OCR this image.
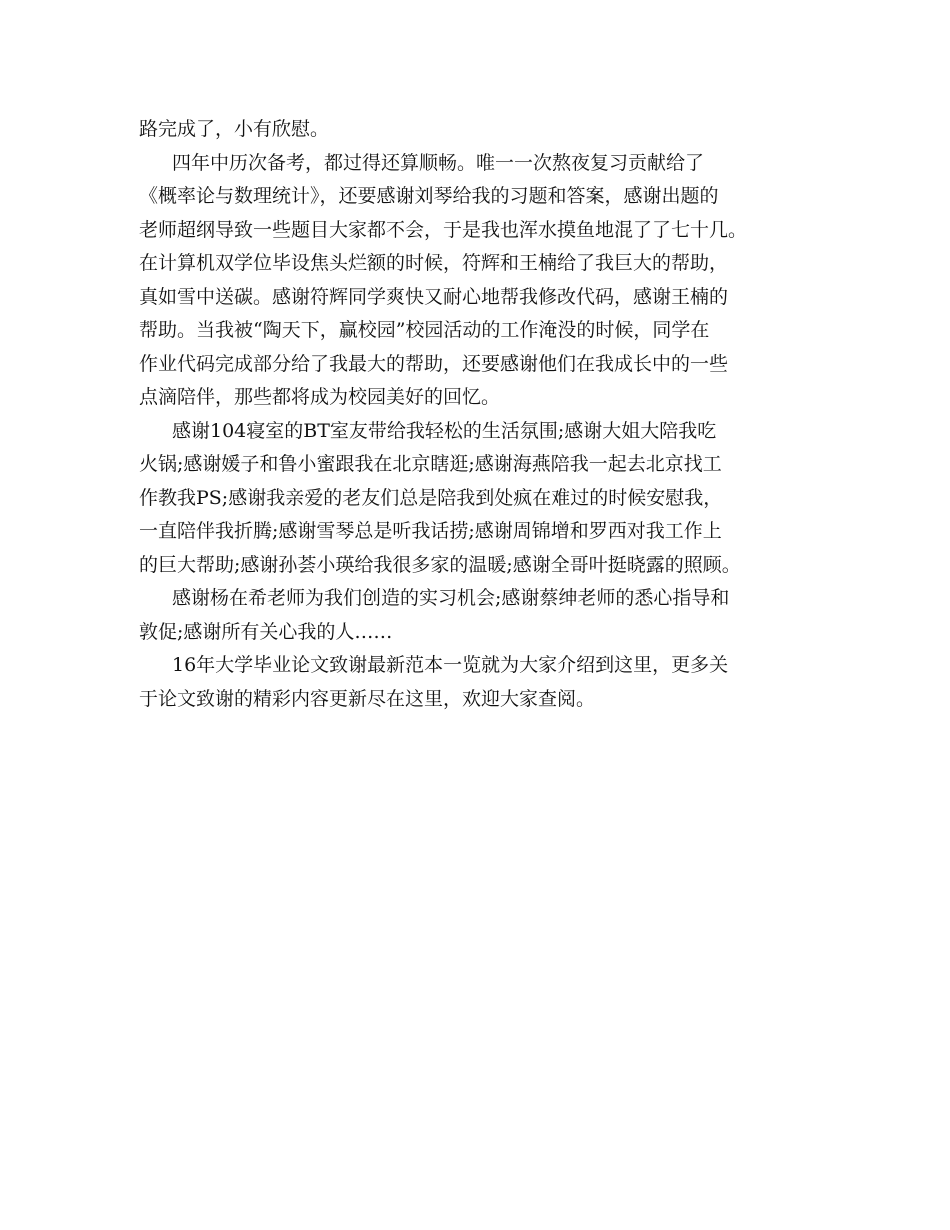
路完成了，小有欣慰。
四年中历次备考，都过得还算顺畅。唯一一次熬夜复习贡献给了
《概率论与数理统计》，还要感谢刘琴给我的习题和答案，感谢出题的
老师超纲导致一些题目大家都不会，于是我也浑水摸鱼地混了了七十几。
在计算机双学位毕设焦头烂额的时候，符辉和王楠给了我巨大的帮助，
真如雪中送碳。感谢符辉同学爽快又耐心地帮我修改代码，感谢王楠的
帮助。当我被“陶天下，赢校园”校园活动的工作淹没的时候，同学在
作业代码完成部分给了我最大的帮助，还要感谢他们在我成长中的一些
点滴陪伴，那些都将成为校园美好的回忆。
感谢104寝室的BT室友带给我轻松的生活氛围;感谢大姐大陪我吃
火锅;感谢媛子和鲁小蜜跟我在北京瞎逛;感谢海燕陪我一起去北京找工
作教我PS;感谢我亲爱的老友们总是陪我到处疯在难过的时候安慰我，
一直陪伴我折腾;感谢雪琴总是听我话捞;感谢周锦增和罗西对我工作上
的巨大帮助;感谢孙荟小瑛给我很多家的温暖;感谢全哥叶挺晓露的照顾。
感谢杨在希老师为我们创造的实习机会;感谢蔡绅老师的悉心指导和
敦促;感谢所有关心我的人……
16年大学毕业论文致谢最新范本一览就为大家介绍到这里，更多关
于论文致谢的精彩内容更新尽在这里，欢迎大家查阅。
